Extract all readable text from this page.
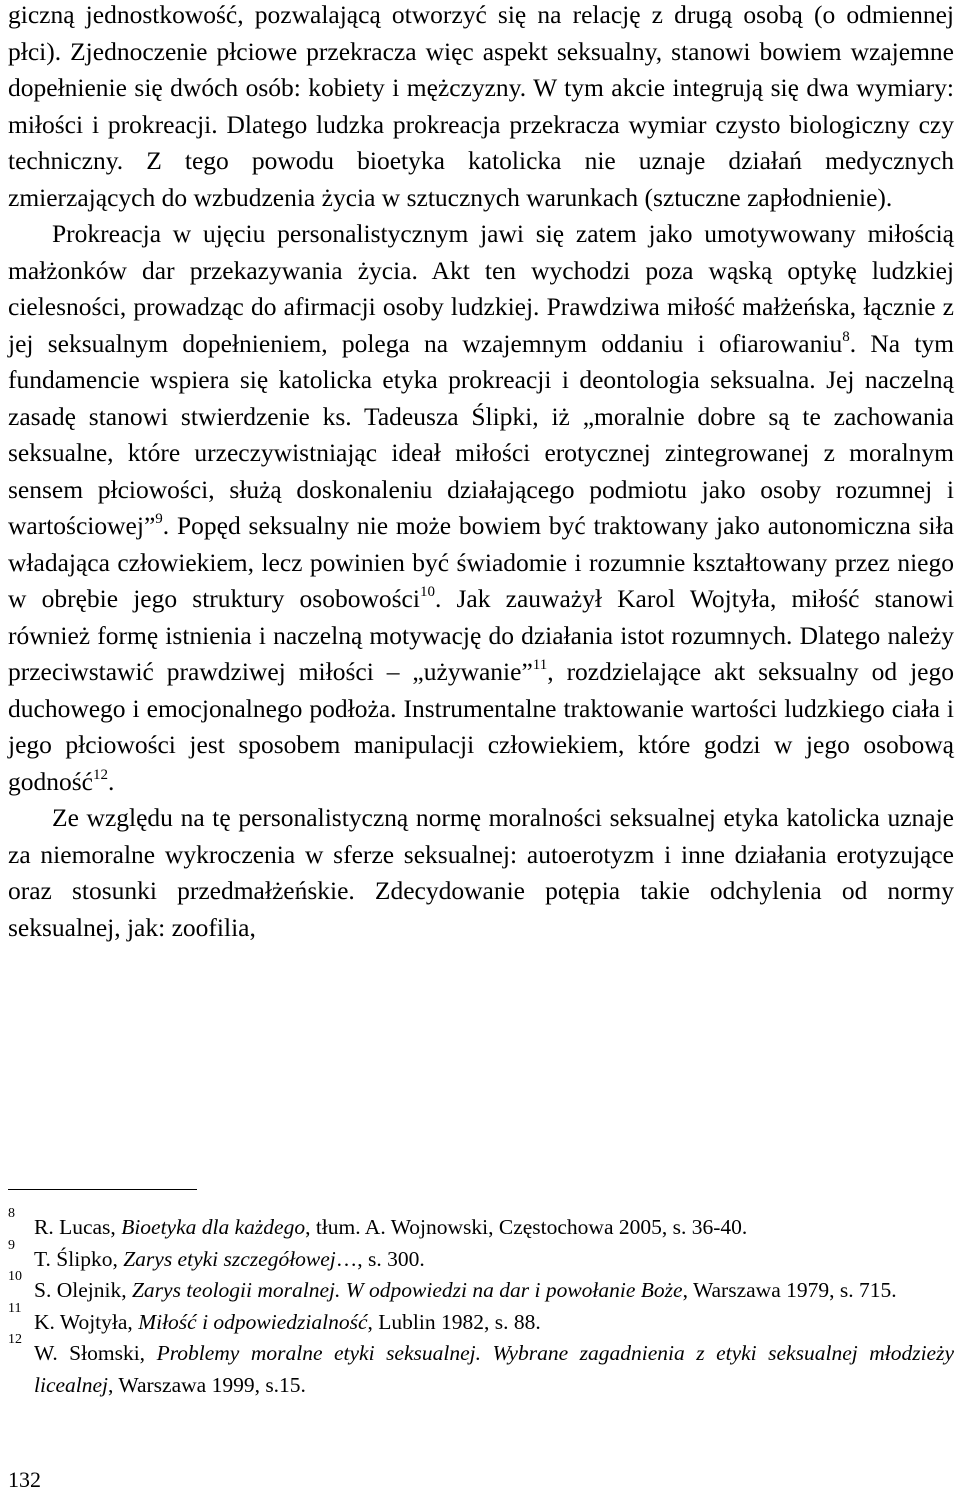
giczną jednostkowość, pozwalającą otworzyć się na relację z drugą osobą (o odmiennej płci). Zjednoczenie płciowe przekracza więc aspekt seksualny, stanowi bowiem wzajemne dopełnienie się dwóch osób: kobiety i mężczyzny. W tym akcie integrują się dwa wymiary: miłości i prokreacji. Dlatego ludzka prokreacja przekracza wymiar czysto biologiczny czy techniczny. Z tego powodu bioetyka katolicka nie uznaje działań medycznych zmierzających do wzbudzenia życia w sztucznych warunkach (sztuczne zapłodnienie).

Prokreacja w ujęciu personalistycznym jawi się zatem jako umotywowany miłością małżonków dar przekazywania życia. Akt ten wychodzi poza wąską optykę ludzkiej cielesności, prowadząc do afirmacji osoby ludzkiej. Prawdziwa miłość małżeńska, łącznie z jej seksualnym dopełnieniem, polega na wzajemnym oddaniu i ofiarowaniu$^8$. Na tym fundamencie wspiera się katolicka etyka prokreacji i deontologia seksualna. Jej naczelną zasadę stanowi stwierdzenie ks. Tadeusza Ślipki, iż „moralnie dobre są te zachowania seksualne, które urzeczywistniając ideał miłości erotycznej zintegrowanej z moralnym sensem płciowości, służą doskonaleniu działającego podmiotu jako osoby rozumnej i wartościowej”$^9$. Popęd seksualny nie może bowiem być traktowany jako autonomiczna siła władająca człowiekiem, lecz powinien być świadomie i rozumnie kształtowany przez niego w obrębie jego struktury osobowości$^{10}$. Jak zauważył Karol Wojtyła, miłość stanowi również formę istnienia i naczelną motywację do działania istot rozumnych. Dlatego należy przeciwstawić prawdziwej miłości – „używanie”$^{11}$, rozdzielające akt seksualny od jego duchowego i emocjonalnego podłoża. Instrumentalne traktowanie wartości ludzkiego ciała i jego płciowości jest sposobem manipulacji człowiekiem, które godzi w jego osobową godność$^{12}$.

Ze względu na tę personalistyczną normę moralności seksualnej etyka katolicka uznaje za niemoralne wykroczenia w sferze seksualnej: autoerotyzm i inne działania erotyzujące oraz stosunki przedmałżeńskie. Zdecydowanie potępia takie odchylenia od normy seksualnej, jak: zoofilia,

8
R. Lucas, Bioetyka dla każdego, tłum. A. Wojnowski, Częstochowa 2005, s. 36-40.

9
T. Ślipko, Zarys etyki szczegółowej…, s. 300.

10
S. Olejnik, Zarys teologii moralnej. W odpowiedzi na dar i powołanie Boże, Warszawa 1979, s. 715.

11
K. Wojtyła, Miłość i odpowiedzialność, Lublin 1982, s. 88.

12
W. Słomski, Problemy moralne etyki seksualnej. Wybrane zagadnienia z etyki seksualnej młodzieży licealnej, Warszawa 1999, s.15.

132
